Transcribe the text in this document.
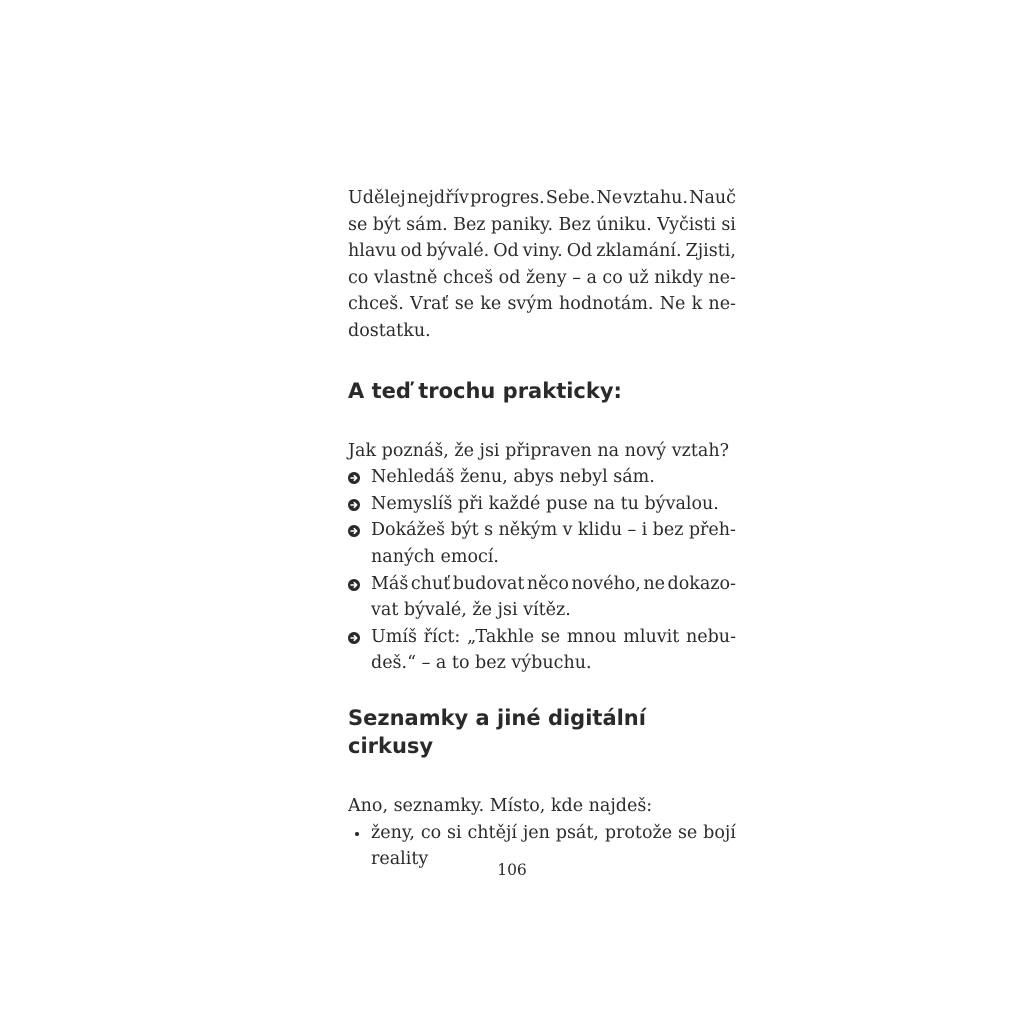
Udělej nejdřív progres. Sebe. Ne vztahu. Nauč
se být sám. Bez paniky. Bez úniku. Vyčisti si
hlavu od bývalé. Od viny. Od zklamání. Zjisti,
co vlastně chceš od ženy – a co už nikdy ne-
chceš. Vrať se ke svým hodnotám. Ne k ne-
dostatku.

A teď trochu prakticky:

Jak poznáš, že jsi připraven na nový vztah?

Nehledáš ženu, abys nebyl sám.
Nemyslíš při každé puse na tu bývalou.
Dokážeš být s někým v klidu – i bez přeh-
naných emocí.
Máš chuť budovat něco nového, ne dokazo-
vat bývalé, že jsi vítěz.
Umíš říct: „Takhle se mnou mluvit nebu-
deš.“ – a to bez výbuchu.
Seznamky a jiné digitální cirkusy

Ano, seznamky. Místo, kde najdeš:

ženy, co si chtějí jen psát, protože se bojí
reality
106
